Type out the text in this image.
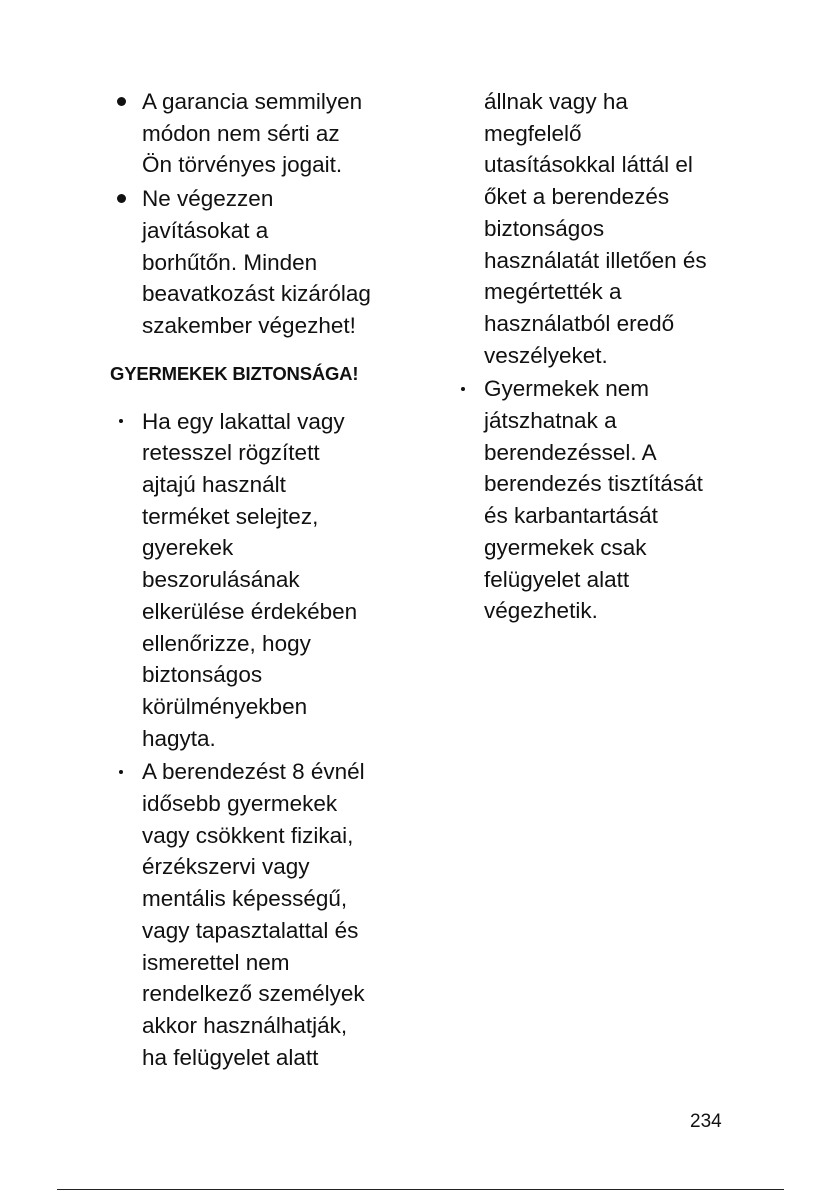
A garancia semmilyen
módon nem sérti az
Ön törvényes jogait.
Ne végezzen
javításokat a
borhűtőn. Minden
beavatkozást kizárólag
szakember végezhet!
GYERMEKEK BIZTONSÁGA!
Ha egy lakattal vagy
retesszel rögzített
ajtajú használt
terméket selejtez,
gyerekek
beszorulásának
elkerülése érdekében
ellenőrizze, hogy
biztonságos
körülményekben
hagyta.
A berendezést 8 évnél
idősebb gyermekek
vagy csökkent fizikai,
érzékszervi vagy
mentális képességű,
vagy tapasztalattal és
ismerettel nem
rendelkező személyek
akkor használhatják,
ha felügyelet alatt
állnak vagy ha
megfelelő
utasításokkal láttál el
őket a berendezés
biztonságos
használatát illetően és
megértették a
használatból eredő
veszélyeket.
Gyermekek nem
játszhatnak a
berendezéssel. A
berendezés tisztítását
és karbantartását
gyermekek csak
felügyelet alatt
végezhetik.
234
